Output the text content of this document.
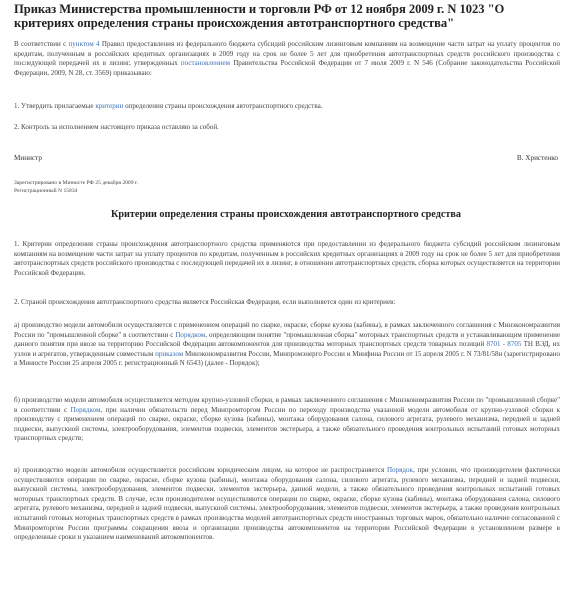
Приказ Министерства промышленности и торговли РФ от 12 ноября 2009 г. N 1023 "О критериях определения страны происхождения автотранспортного средства"
В соответствии с пунктом 4 Правил предоставления из федерального бюджета субсидий российским лизинговым компаниям на возмещение части затрат на уплату процентов по кредитам, полученным в российских кредитных организациях в 2009 году на срок не более 5 лет для приобретения автотранспортных средств российского производства с последующей передачей их в лизинг, утвержденных постановлением Правительства Российской Федерации от 7 июля 2009 г. N 546 (Собрание законодательства Российской Федерации, 2009, N 28, ст. 3569) приказываю:
1. Утвердить прилагаемые критерии определения страны происхождения автотранспортного средства.
2. Контроль за исполнением настоящего приказа оставляю за собой.
Министр	В. Христенко
Зарегистрировано в Минюсте РФ 25 декабря 2009 г.
Регистрационный N 15834
Критерии определения страны происхождения автотранспортного средства
1. Критерии определения страны происхождения автотранспортного средства применяются при предоставлении из федерального бюджета субсидий российским лизинговым компаниям на возмещение части затрат на уплату процентов по кредитам, полученным в российских кредитных организациях в 2009 году на срок не более 5 лет для приобретения автотранспортных средств российского производства с последующей передачей их в лизинг, в отношении автотранспортных средств, сборка которых осуществляется на территории Российской Федерации.
2. Страной происхождения автотранспортного средства является Российская Федерация, если выполняется один из критериев:
а) производство модели автомобиля осуществляется с применением операций по сварке, окраске, сборке кузова (кабины), в рамках заключенного соглашения с Минэкономразвития России по "промышленной сборке" в соответствии с Порядком, определяющим понятие "промышленная сборка" моторных транспортных средств и устанавливающим применение данного понятия при ввозе на территорию Российской Федерации автокомпонентов для производства моторных транспортных средств товарных позиций 8701 - 8705 ТН ВЭД, их узлов и агрегатов, утвержденным совместным приказом Минэкономразвития России, Минпромэнерго России и Минфина России от 15 апреля 2005 г. N 73/81/58н (зарегистрировано в Минюсте России 25 апреля 2005 г. регистрационный N 6543) (далее - Порядок);
б) производство модели автомобиля осуществляется методом крупно-узловой сборки, в рамках заключенного соглашения с Минэкономразвития России по "промышленной сборке" в соответствии с Порядком, при наличии обязательств перед Минпромторгом России по переходу производства указанной модели автомобиля от крупно-узловой сборки к производству с применением операций по сварке, окраске, сборке кузова (кабины), монтажа оборудования салона, силового агрегата, рулевого механизма, передней и задней подвески, выпускной системы, электрооборудования, элементов подвески, элементов экстерьера, а также обязательного проведения контрольных испытаний готовых моторных транспортных средств;
в) производство модели автомобиля осуществляется российским юридическим лицом, на которое не распространяется Порядок, при условии, что производителем фактически осуществляются операции по сварке, окраске, сборке кузова (кабины), монтажа оборудования салона, силового агрегата, рулевого механизма, передней и задней подвески, выпускной системы, электрооборудования, элементов подвески, элементов экстерьера, данной модели, а также обязательного проведения контрольных испытаний готовых моторных транспортных средств. В случае, если производителем осуществляются операции по сварке, окраске, сборке кузова (кабины), монтажа оборудования салона, силового агрегата, рулевого механизма, передней и задней подвески, выпускной системы, электрооборудования, элементов подвески, элементов экстерьера, а также проведения контрольных испытаний готовых моторных транспортных средств в рамках производства моделей автотранспортных средств иностранных торговых марок, обязательно наличие согласованной с Минпромторгом России программы сокращения ввоза и организации производства автокомпонентов на территории Российской Федерации в установленном размере в определенные сроки и указанием наименований автокомпонентов.
